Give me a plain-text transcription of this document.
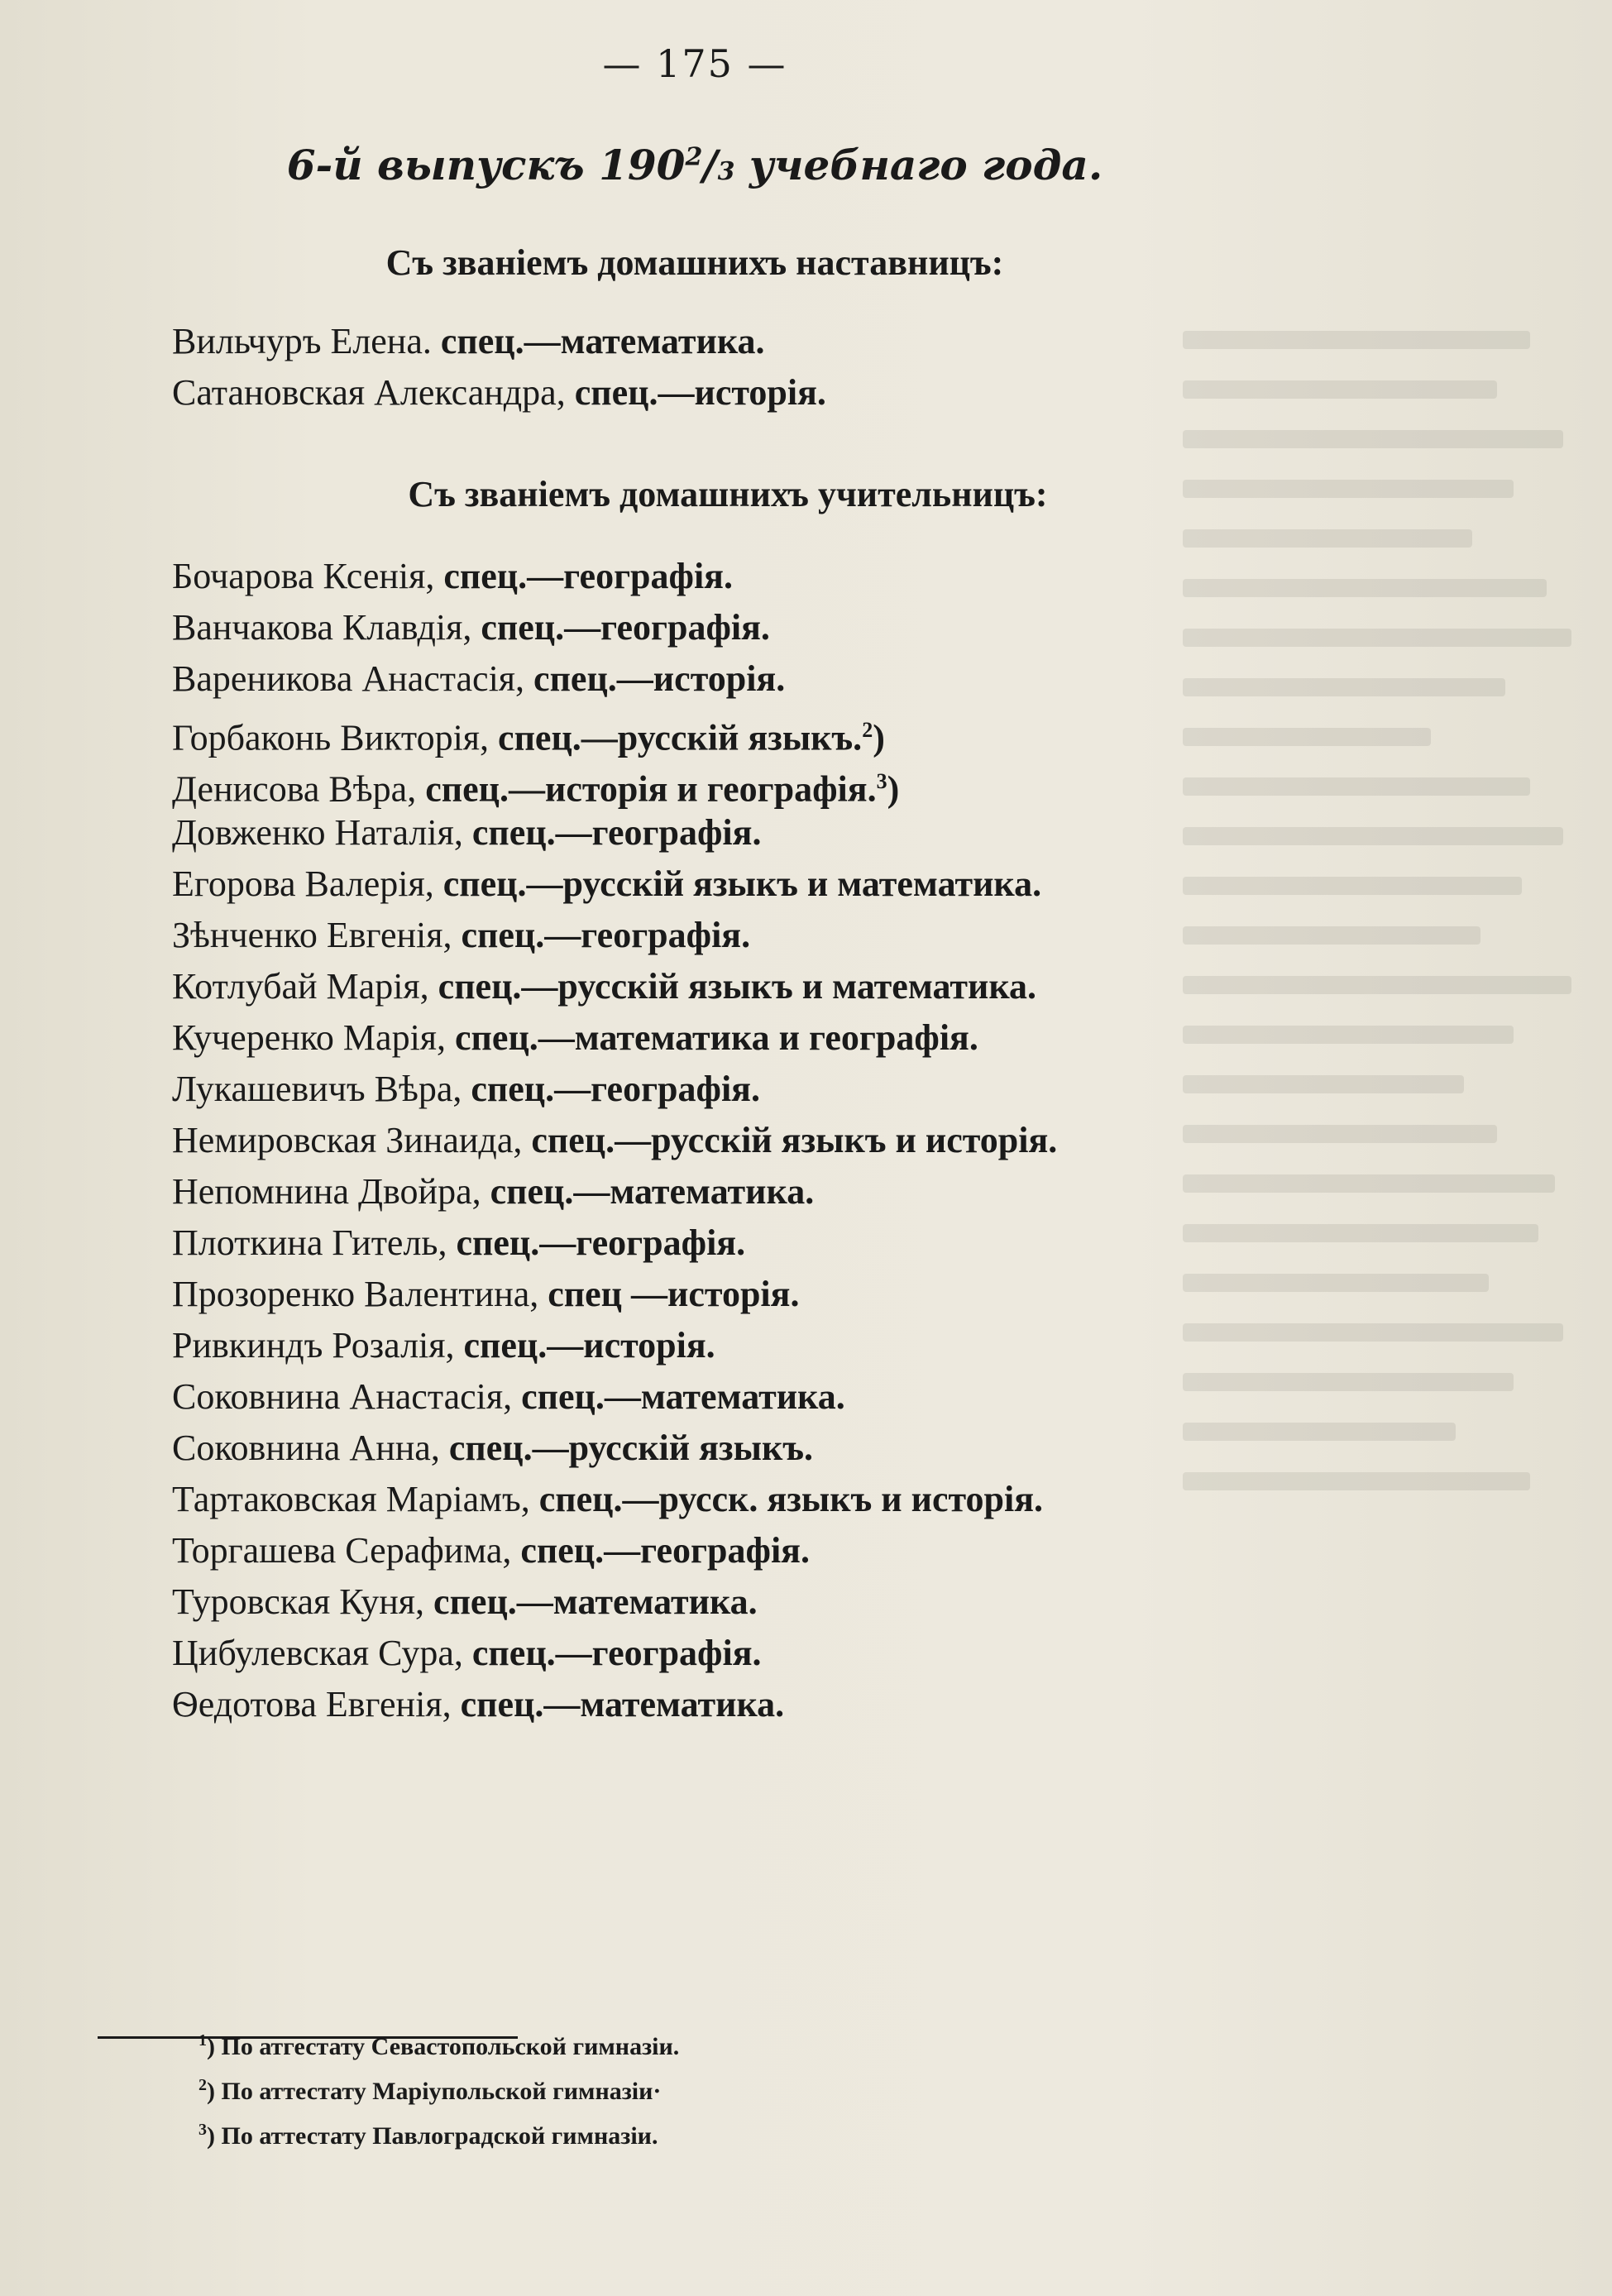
— 175 —
6-й выпускъ $190^2/3$ учебнаго года.
Съ званіемъ домашнихъ наставницъ:
Вильчуръ Елена. спец.—математика.
Сатановская Александра, спец.—исторія.
Съ званіемъ домашнихъ учительницъ:
Бочарова Ксенія, спец.—географія.
Ванчакова Клавдія, спец.—географія.
Вареникова Анастасія, спец.—исторія.
Горбаконь Викторія, спец.—русскій языкъ.$^2$)
Денисова Вѣра, спец.—исторія и географія.$^3$)
Довженко Наталія, спец.—географія.
Егорова Валерія, спец.—русскій языкъ и математика.
Зѣнченко Евгенія, спец.—географія.
Котлубай Марія, спец.—русскій языкъ и математика.
Кучеренко Марія, спец.—математика и географія.
Лукашевичъ Вѣра, спец.—географія.
Немировская Зинаида, спец.—русскій языкъ и исторія.
Непомнина Двойра, спец.—математика.
Плоткина Гитель, спец.—географія.
Прозоренко Валентина, спец —исторія.
Ривкиндъ Розалія, спец.—исторія.
Соковнина Анастасія, спец.—математика.
Соковнина Анна, спец.—русскій языкъ.
Тартаковская Маріамъ, спец.—русск. языкъ и исторія.
Торгашева Серафима, спец.—географія.
Туровская Куня, спец.—математика.
Цибулевская Сура, спец.—географія.
Ѳедотова Евгенія, спец.—математика.
$^1$) По атгестату Севастопольской гимназіи.
$^2$) По аттестату Маріупольской гимназіи·
$^3$) По аттестату Павлоградской гимназіи.
